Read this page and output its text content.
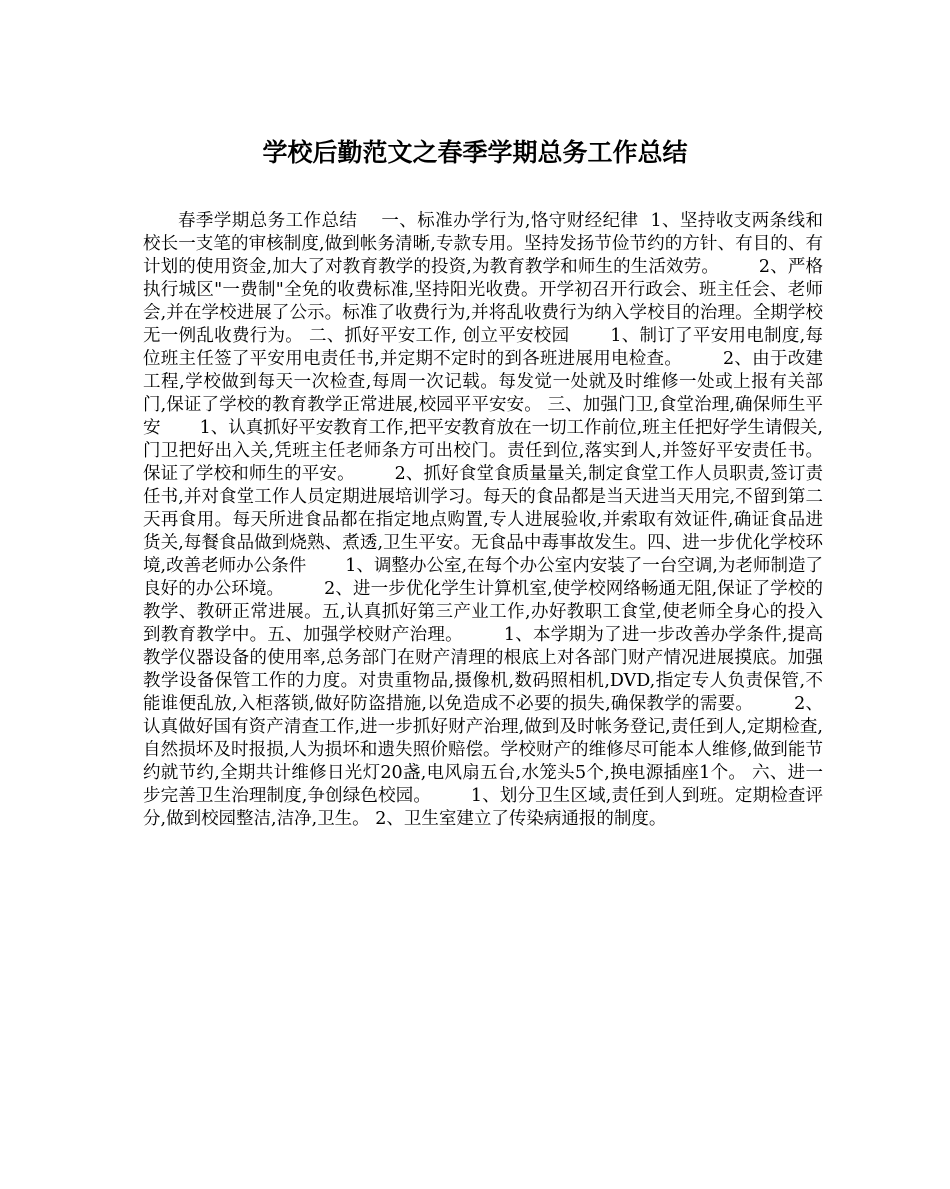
学校后勤范文之春季学期总务工作总结

春季学期总务工作总结    一、标准办学行为,恪守财经纪律  1、坚持收支两条线和校长一支笔的审核制度,做到帐务清晰,专款专用。坚持发扬节俭节约的方针、有目的、有计划的使用资金,加大了对教育教学的投资,为教育教学和师生的生活效劳。       2、严格执行城区"一费制"全免的收费标准,坚持阳光收费。开学初召开行政会、班主任会、老师会,并在学校进展了公示。标准了收费行为,并将乱收费行为纳入学校目的治理。全期学校无一例乱收费行为。 二、抓好平安工作, 创立平安校园       1、制订了平安用电制度,每位班主任签了平安用电责任书,并定期不定时的到各班进展用电检查。       2、由于改建工程,学校做到每天一次检查,每周一次记载。每发觉一处就及时维修一处或上报有关部门,保证了学校的教育教学正常进展,校园平平安安。 三、加强门卫,食堂治理,确保师生平安       1、认真抓好平安教育工作,把平安教育放在一切工作前位,班主任把好学生请假关,门卫把好出入关,凭班主任老师条方可出校门。责任到位,落实到人,并签好平安责任书。保证了学校和师生的平安。       2、抓好食堂食质量量关,制定食堂工作人员职责,签订责任书,并对食堂工作人员定期进展培训学习。每天的食品都是当天进当天用完,不留到第二天再食用。每天所进食品都在指定地点购置,专人进展验收,并索取有效证件,确证食品进货关,每餐食品做到烧熟、煮透,卫生平安。无食品中毒事故发生。四、进一步优化学校环境,改善老师办公条件       1、调整办公室,在每个办公室内安装了一台空调,为老师制造了良好的办公环境。       2、进一步优化学生计算机室,使学校网络畅通无阻,保证了学校的教学、教研正常进展。五,认真抓好第三产业工作,办好教职工食堂,使老师全身心的投入到教育教学中。五、加强学校财产治理。       1、本学期为了进一步改善办学条件,提高教学仪器设备的使用率,总务部门在财产清理的根底上对各部门财产情况进展摸底。加强教学设备保管工作的力度。对贵重物品,摄像机,数码照相机,DVD,指定专人负责保管,不能谁便乱放,入柜落锁,做好防盗措施,以免造成不必要的损失,确保教学的需要。       2、认真做好国有资产清查工作,进一步抓好财产治理,做到及时帐务登记,责任到人,定期检查,自然损坏及时报损,人为损坏和遗失照价赔偿。学校财产的维修尽可能本人维修,做到能节约就节约,全期共计维修日光灯20盏,电风扇五台,水笼头5个,换电源插座1个。 六、进一步完善卫生治理制度,争创绿色校园。       1、划分卫生区域,责任到人到班。定期检查评分,做到校园整洁,洁净,卫生。 2、卫生室建立了传染病通报的制度。
